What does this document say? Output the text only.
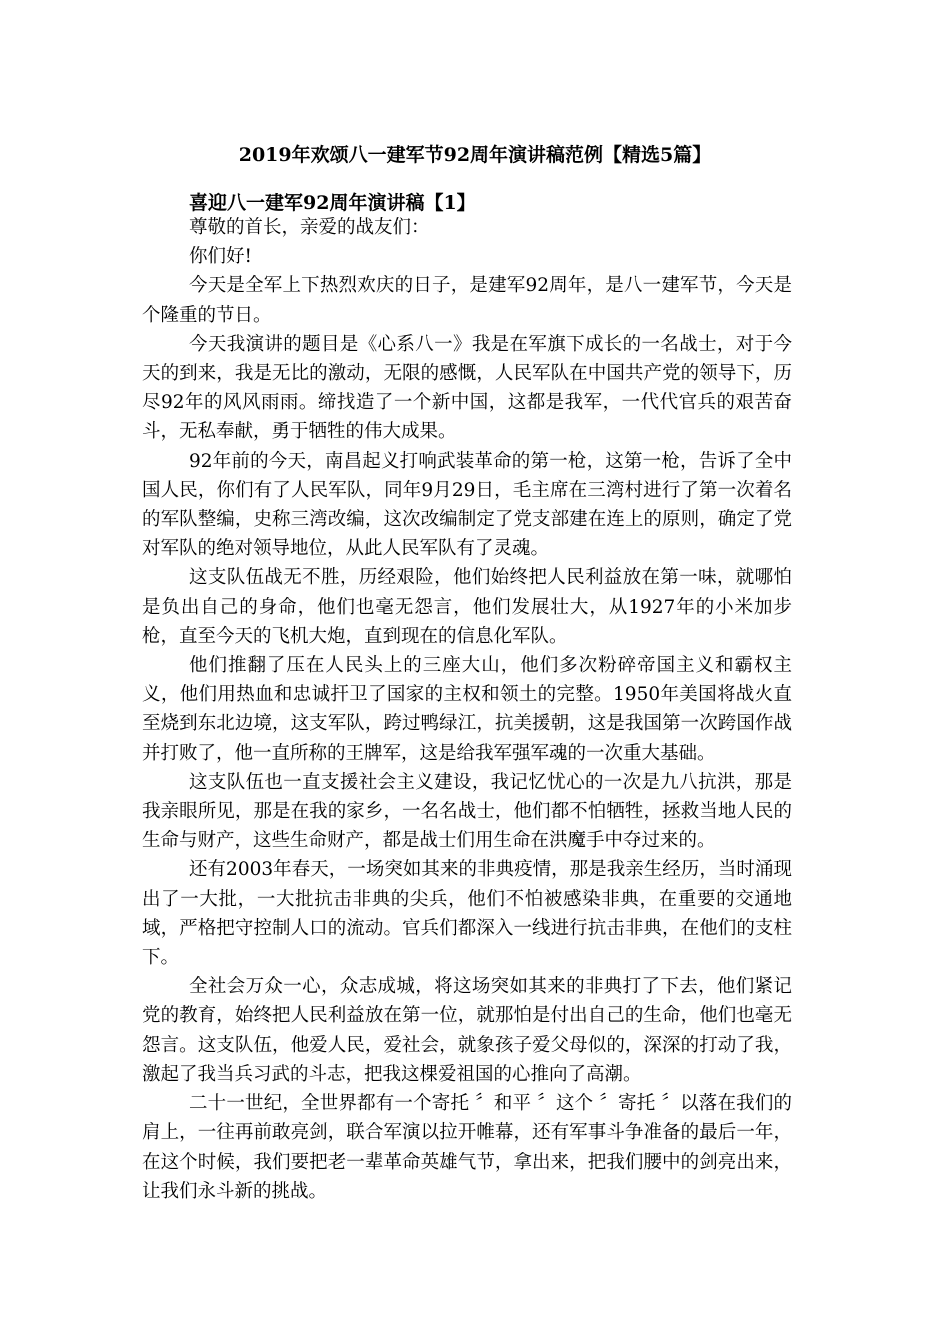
2019年欢颂八一建军节92周年演讲稿范例【精选5篇】
喜迎八一建军92周年演讲稿【1】

尊敬的首长，亲爱的战友们：

你们好!

今天是全军上下热烈欢庆的日子，是建军92周年，是八一建军节，今天是个隆重的节日。

今天我演讲的题目是《心系八一》我是在军旗下成长的一名战士，对于今天的到来，我是无比的激动，无限的感慨，人民军队在中国共产党的领导下，历尽92年的风风雨雨。缔找造了一个新中国，这都是我军，一代代官兵的艰苦奋斗，无私奉献，勇于牺牲的伟大成果。

92年前的今天，南昌起义打响武装革命的第一枪，这第一枪，告诉了全中国人民，你们有了人民军队，同年9月29日，毛主席在三湾村进行了第一次着名的军队整编，史称三湾改编，这次改编制定了党支部建在连上的原则，确定了党对军队的绝对领导地位，从此人民军队有了灵魂。

这支队伍战无不胜，历经艰险，他们始终把人民利益放在第一味，就哪怕是负出自己的身命，他们也毫无怨言，他们发展壮大，从1927年的小米加步枪，直至今天的飞机大炮，直到现在的信息化军队。

他们推翻了压在人民头上的三座大山，他们多次粉碎帝国主义和霸权主义，他们用热血和忠诚扞卫了国家的主权和领土的完整。1950年美国将战火直至烧到东北边境，这支军队，跨过鸭绿江，抗美援朝，这是我国第一次跨国作战并打败了，他一直所称的王牌军，这是给我军强军魂的一次重大基础。

这支队伍也一直支援社会主义建设，我记忆忧心的一次是九八抗洪，那是我亲眼所见，那是在我的家乡，一名名战士，他们都不怕牺牲，拯救当地人民的生命与财产，这些生命财产，都是战士们用生命在洪魔手中夺过来的。

还有2003年春天，一场突如其来的非典疫情，那是我亲生经历，当时涌现出了一大批，一大批抗击非典的尖兵，他们不怕被感染非典，在重要的交通地域，严格把守控制人口的流动。官兵们都深入一线进行抗击非典，在他们的支柱下。

全社会万众一心，众志成城，将这场突如其来的非典打了下去，他们紧记党的教育，始终把人民利益放在第一位，就那怕是付出自己的生命，他们也毫无怨言。这支队伍，他爱人民，爱社会，就象孩子爱父母似的，深深的打动了我，激起了我当兵习武的斗志，把我这棵爱祖国的心推向了高潮。

二十一世纪，全世界都有一个寄托 〞和平 〞这个 〞寄托 〞以落在我们的肩上，一往再前敢亮剑，联合军演以拉开帷幕，还有军事斗争准备的最后一年，在这个时候，我们要把老一辈革命英雄气节，拿出来，把我们腰中的剑亮出来，让我们永斗新的挑战。
